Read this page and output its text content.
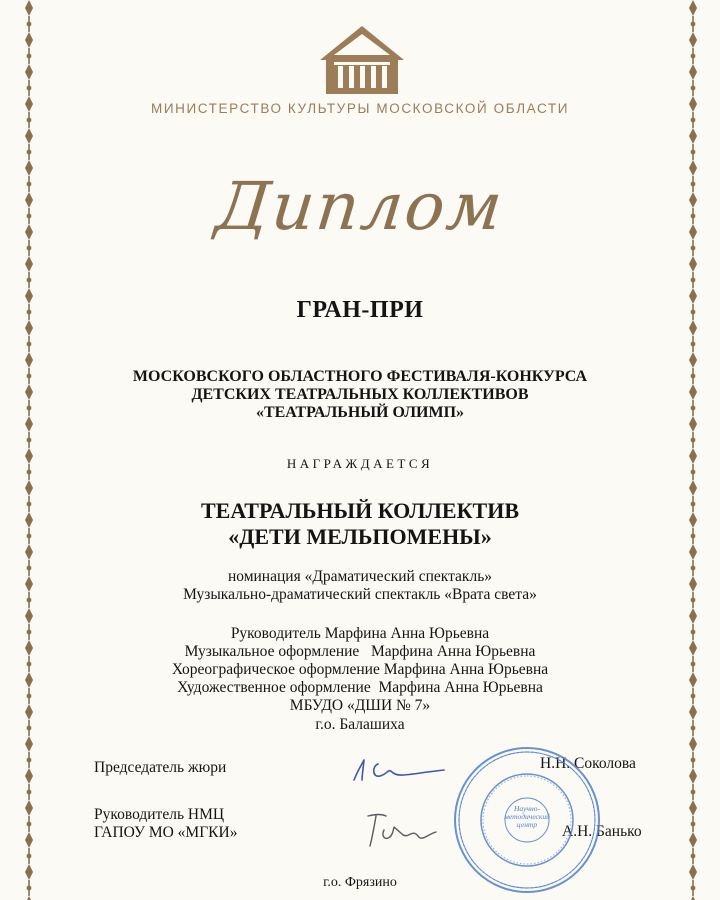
МИНИСТЕРСТВО КУЛЬТУРЫ МОСКОВСКОЙ ОБЛАСТИ
Диплом
ГРАН-ПРИ
МОСКОВСКОГО ОБЛАСТНОГО ФЕСТИВАЛЯ-КОНКУРСА
ДЕТСКИХ ТЕАТРАЛЬНЫХ КОЛЛЕКТИВОВ
«ТЕАТРАЛЬНЫЙ ОЛИМП»
НАГРАЖДАЕТСЯ
ТЕАТРАЛЬНЫЙ КОЛЛЕКТИВ
«ДЕТИ МЕЛЬПОМЕНЫ»
номинация «Драматический спектакль»
Музыкально-драматический спектакль «Врата света»
Руководитель Марфина Анна Юрьевна
Музыкальное оформление   Марфина Анна Юрьевна
Хореографическое оформление Марфина Анна Юрьевна
Художественное оформление  Марфина Анна Юрьевна
МБУДО «ДШИ № 7»
г.о. Балашиха
Председатель жюри	Н.Н. Соколова
Руководитель НМЦ
ГАПОУ МО «МГКИ»	А.Н. Банько
Научно-методический центр
г.о. Фрязино
